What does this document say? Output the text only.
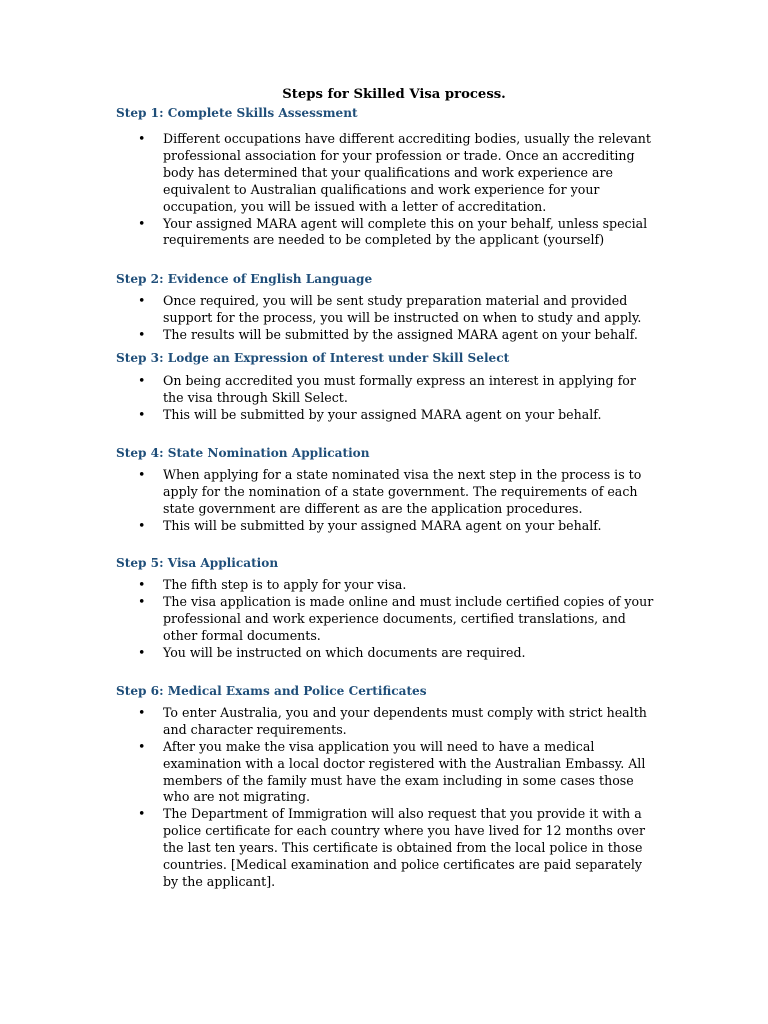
Steps for Skilled Visa process.
Step 1: Complete Skills Assessment
• Different occupations have different accrediting bodies, usually the relevant professional association for your profession or trade. Once an accrediting body has determined that your qualifications and work experience are equivalent to Australian qualifications and work experience for your occupation, you will be issued with a letter of accreditation.
• Your assigned MARA agent will complete this on your behalf, unless special requirements are needed to be completed by the applicant (yourself)
Step 2: Evidence of English Language
• Once required, you will be sent study preparation material and provided support for the process, you will be instructed on when to study and apply.
• The results will be submitted by the assigned MARA agent on your behalf.
Step 3: Lodge an Expression of Interest under Skill Select
• On being accredited you must formally express an interest in applying for the visa through Skill Select.
• This will be submitted by your assigned MARA agent on your behalf.
Step 4: State Nomination Application
• When applying for a state nominated visa the next step in the process is to apply for the nomination of a state government. The requirements of each state government are different as are the application procedures.
• This will be submitted by your assigned MARA agent on your behalf.
Step 5: Visa Application
• The fifth step is to apply for your visa.
• The visa application is made online and must include certified copies of your professional and work experience documents, certified translations, and other formal documents.
• You will be instructed on which documents are required.
Step 6: Medical Exams and Police Certificates
• To enter Australia, you and your dependents must comply with strict health and character requirements.
• After you make the visa application you will need to have a medical examination with a local doctor registered with the Australian Embassy. All members of the family must have the exam including in some cases those who are not migrating.
• The Department of Immigration will also request that you provide it with a police certificate for each country where you have lived for 12 months over the last ten years. This certificate is obtained from the local police in those countries. [Medical examination and police certificates are paid separately by the applicant].
